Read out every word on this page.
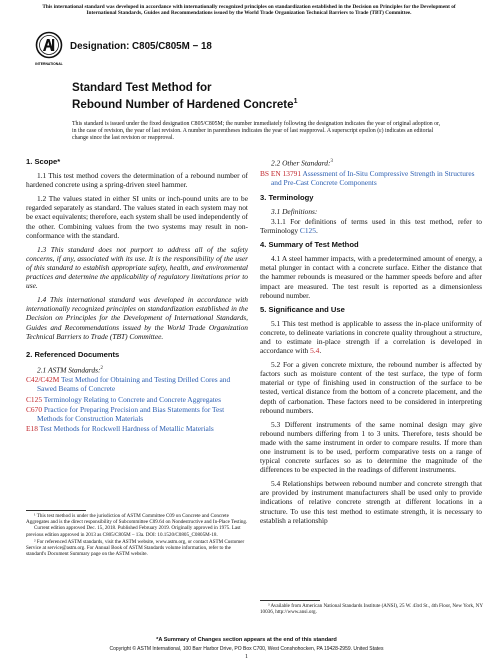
This international standard was developed in accordance with internationally recognized principles on standardization established in the Decision on Principles for the Development of International Standards, Guides and Recommendations issued by the World Trade Organization Technical Barriers to Trade (TBT) Committee.
INTERNATIONAL
Designation: C805/C805M − 18
Standard Test Method for
Rebound Number of Hardened Concrete$^1$
This standard is issued under the fixed designation C805/C805M; the number immediately following the designation indicates the year of original adoption or, in the case of revision, the year of last revision. A number in parentheses indicates the year of last reapproval. A superscript epsilon (ε) indicates an editorial change since the last revision or reapproval.
1. Scope*

1.1 This test method covers the determination of a rebound number of hardened concrete using a spring-driven steel hammer.

1.2 The values stated in either SI units or inch-pound units are to be regarded separately as standard. The values stated in each system may not be exact equivalents; therefore, each system shall be used independently of the other. Combining values from the two systems may result in non-conformance with the standard.

1.3 This standard does not purport to address all of the safety concerns, if any, associated with its use. It is the responsibility of the user of this standard to establish appropriate safety, health, and environmental practices and determine the applicability of regulatory limitations prior to use.

1.4 This international standard was developed in accordance with internationally recognized principles on standardization established in the Decision on Principles for the Development of International Standards, Guides and Recommendations issued by the World Trade Organization Technical Barriers to Trade (TBT) Committee.

2. Referenced Documents
2.1 ASTM Standards:$^2$
C42/C42M Test Method for Obtaining and Testing Drilled Cores and Sawed Beams of Concrete
C125 Terminology Relating to Concrete and Concrete Aggregates
C670 Practice for Preparing Precision and Bias Statements for Test Methods for Construction Materials
E18 Test Methods for Rockwell Hardness of Metallic Materials
¹ This test method is under the jurisdiction of ASTM Committee C09 on Concrete and Concrete Aggregates and is the direct responsibility of Subcommittee C09.64 on Nondestructive and In-Place Testing.
Current edition approved Dec. 15, 2018. Published February 2019. Originally approved in 1975. Last previous edition approved in 2013 as C805/C805M – 13a. DOI: 10.1520/C0805_C0805M-18.
² For referenced ASTM standards, visit the ASTM website, www.astm.org, or contact ASTM Customer Service at service@astm.org. For Annual Book of ASTM Standards volume information, refer to the standard's Document Summary page on the ASTM website.
2.2 Other Standard:$^3$
BS EN 13791 Assessment of In-Situ Compressive Strength in Structures and Pre-Cast Concrete Components
3. Terminology

3.1 Definitions:

3.1.1 For definitions of terms used in this test method, refer to Terminology C125.

4. Summary of Test Method

4.1 A steel hammer impacts, with a predetermined amount of energy, a metal plunger in contact with a concrete surface. Either the distance that the hammer rebounds is measured or the hammer speeds before and after impact are measured. The test result is reported as a dimensionless rebound number.

5. Significance and Use

5.1 This test method is applicable to assess the in-place uniformity of concrete, to delineate variations in concrete quality throughout a structure, and to estimate in-place strength if a correlation is developed in accordance with 5.4.

5.2 For a given concrete mixture, the rebound number is affected by factors such as moisture content of the test surface, the type of form material or type of finishing used in construction of the surface to be tested, vertical distance from the bottom of a concrete placement, and the depth of carbonation. These factors need to be considered in interpreting rebound numbers.

5.3 Different instruments of the same nominal design may give rebound numbers differing from 1 to 3 units. Therefore, tests should be made with the same instrument in order to compare results. If more than one instrument is to be used, perform comparative tests on a range of typical concrete surfaces so as to determine the magnitude of the differences to be expected in the readings of different instruments.

5.4 Relationships between rebound number and concrete strength that are provided by instrument manufacturers shall be used only to provide indications of relative concrete strength at different locations in a structure. To use this test method to estimate strength, it is necessary to establish a relationship

³ Available from American National Standards Institute (ANSI), 25 W. 43rd St., 4th Floor, New York, NY 10036, http://www.ansi.org.
*A Summary of Changes section appears at the end of this standard
Copyright © ASTM International, 100 Barr Harbor Drive, PO Box C700, West Conshohocken, PA 19428-2959. United States
1
